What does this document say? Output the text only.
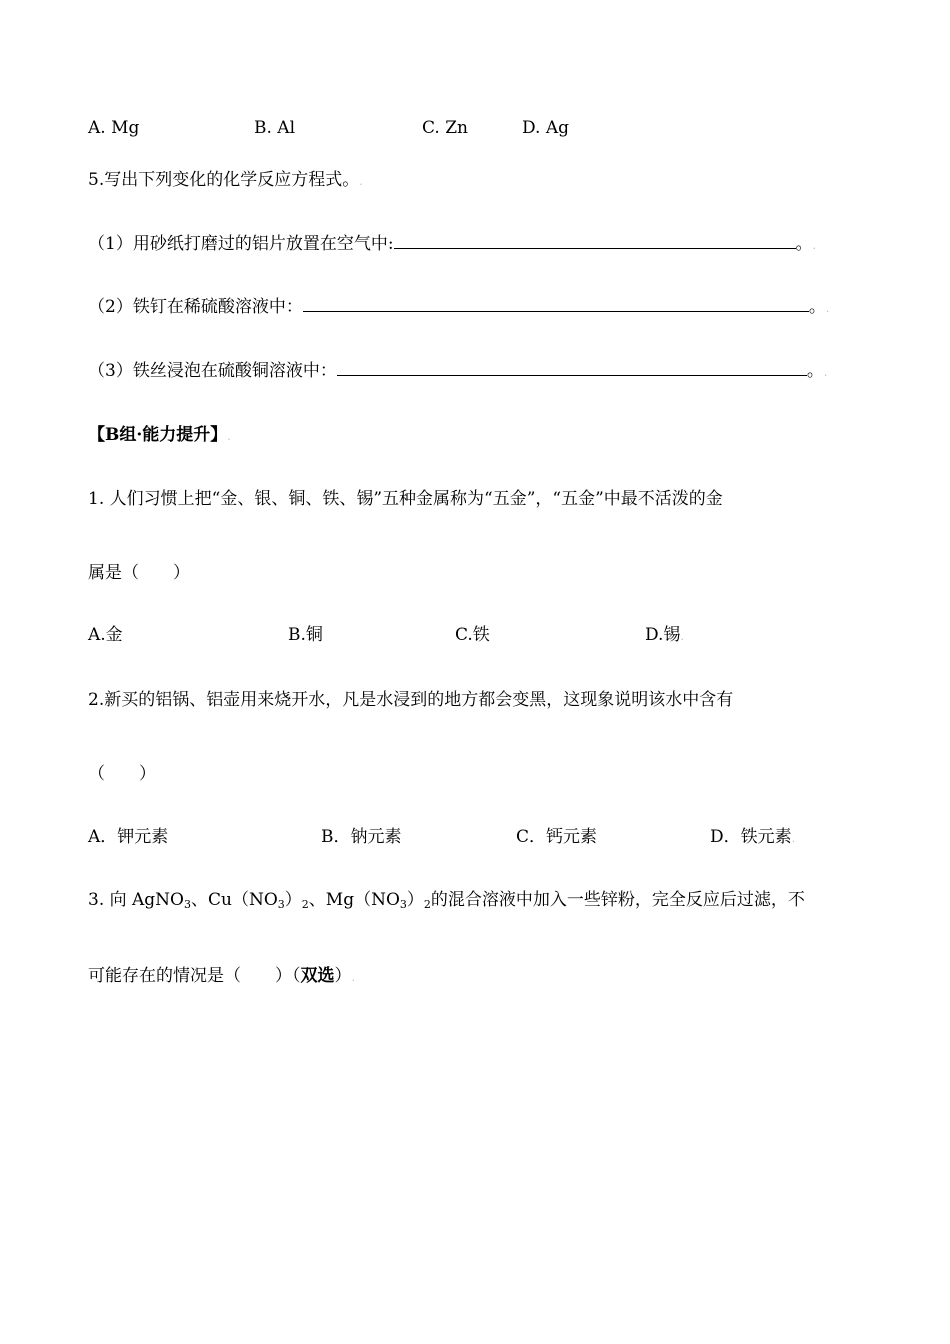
A. Mg	B. Al	C. Zn	D. Ag
5.写出下列变化的化学反应方程式。.
（1）用砂纸打磨过的铝片放置在空气中:	。.
（2）铁钉在稀硫酸溶液中：	。.
（3）铁丝浸泡在硫酸铜溶液中：	。.
【B组·能力提升】.
1. 人们习惯上把“金、银、铜、铁、锡”五种金属称为“五金”，“五金”中最不活泼的金
属是（　　）
A.金	B.铜	C.铁	D.锡.
2.新买的铝锅、铝壶用来烧开水，凡是水浸到的地方都会变黑，这现象说明该水中含有
（　　）
A．钾元素	B．钠元素	C．钙元素	D．铁元素.
3. 向 AgNO$_3$、$Cu(NO_3)_2$、$Mg(NO_3)_2$的混合溶液中加入一些锌粉，完全反应后过滤，不
可能存在的情况是（　　）（双选）.
